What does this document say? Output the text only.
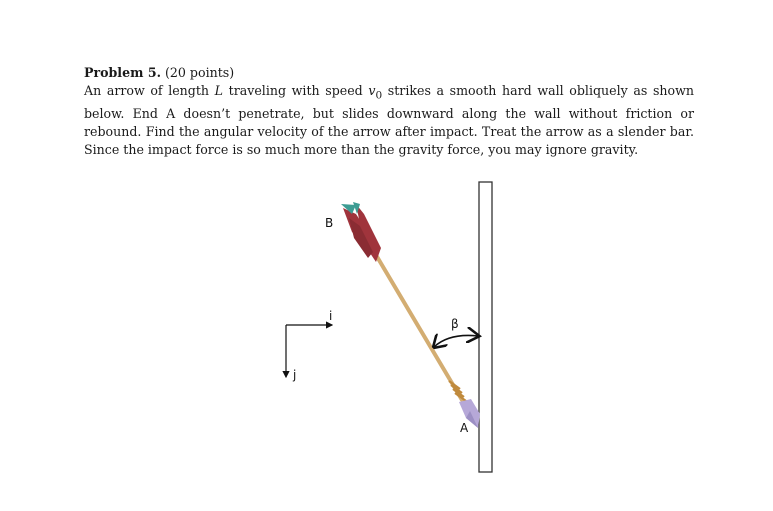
Problem 5. (20 points)
An arrow of length L traveling with speed $v_0$ strikes a smooth hard wall obliquely as shown below. End A doesn’t penetrate, but slides downward along the wall without friction or rebound. Find the angular velocity of the arrow after impact. Treat the arrow as a slender bar. Since the impact force is so much more than the gravity force, you may ignore gravity.
i
j
B
A
β
